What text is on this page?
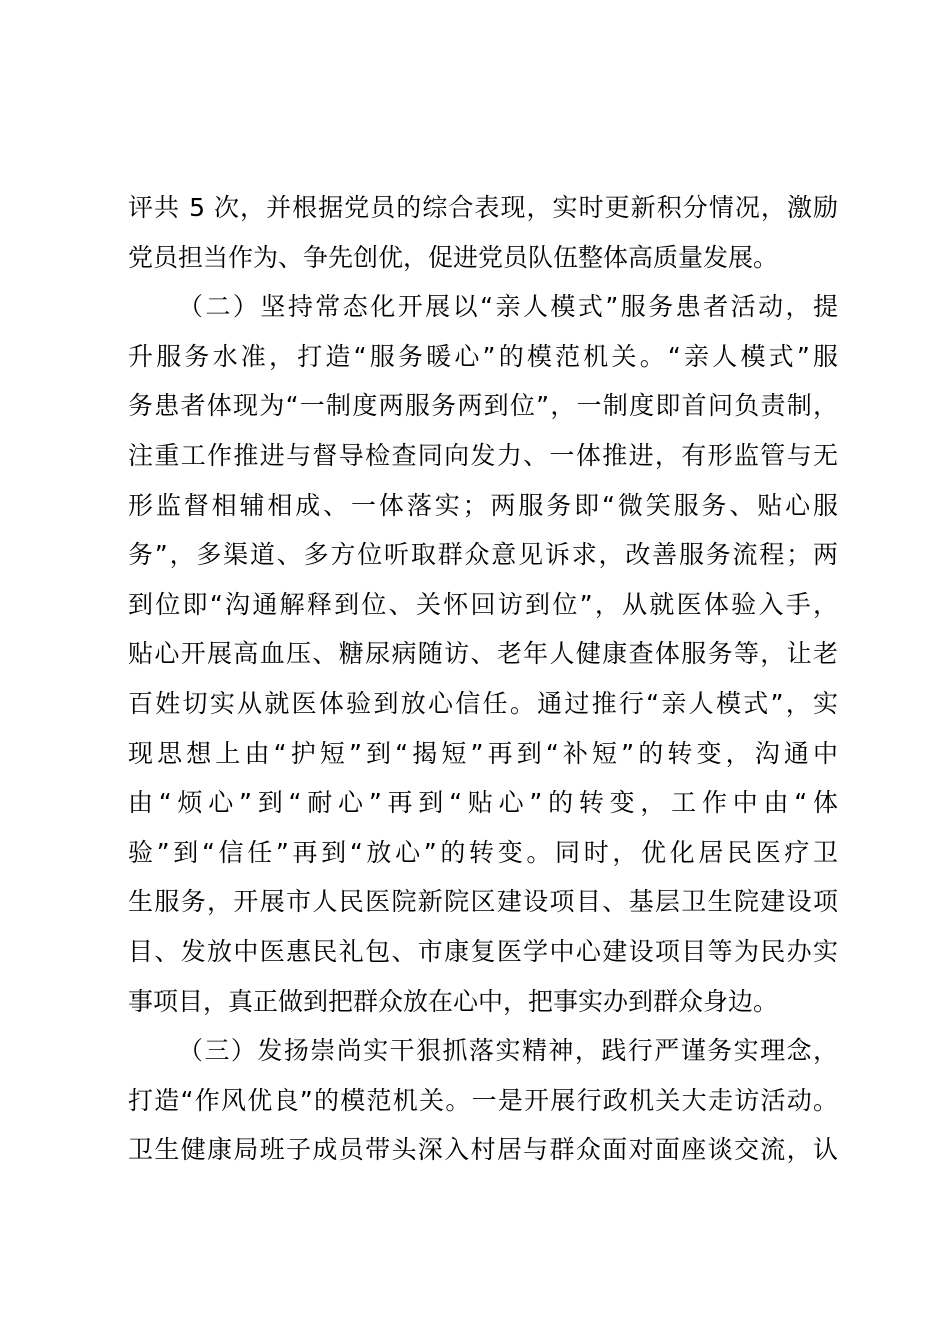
评共 5 次，并根据党员的综合表现，实时更新积分情况，激励
党员担当作为、争先创优，促进党员队伍整体高质量发展。
（二）坚持常态化开展以“亲人模式”服务患者活动，提
升服务水准，打造“服务暖心”的模范机关。“亲人模式”服
务患者体现为“一制度两服务两到位”，一制度即首问负责制，
注重工作推进与督导检查同向发力、一体推进，有形监管与无
形监督相辅相成、一体落实；两服务即“微笑服务、贴心服
务”，多渠道、多方位听取群众意见诉求，改善服务流程；两
到位即“沟通解释到位、关怀回访到位”，从就医体验入手，
贴心开展高血压、糖尿病随访、老年人健康查体服务等，让老
百姓切实从就医体验到放心信任。通过推行“亲人模式”，实
现思想上由“护短”到“揭短”再到“补短”的转变，沟通中
由“烦心”到“耐心”再到“贴心”的转变，工作中由“体
验”到“信任”再到“放心”的转变。同时，优化居民医疗卫
生服务，开展市人民医院新院区建设项目、基层卫生院建设项
目、发放中医惠民礼包、市康复医学中心建设项目等为民办实
事项目，真正做到把群众放在心中，把事实办到群众身边。
（三）发扬崇尚实干狠抓落实精神，践行严谨务实理念，
打造“作风优良”的模范机关。一是开展行政机关大走访活动。
卫生健康局班子成员带头深入村居与群众面对面座谈交流，认
